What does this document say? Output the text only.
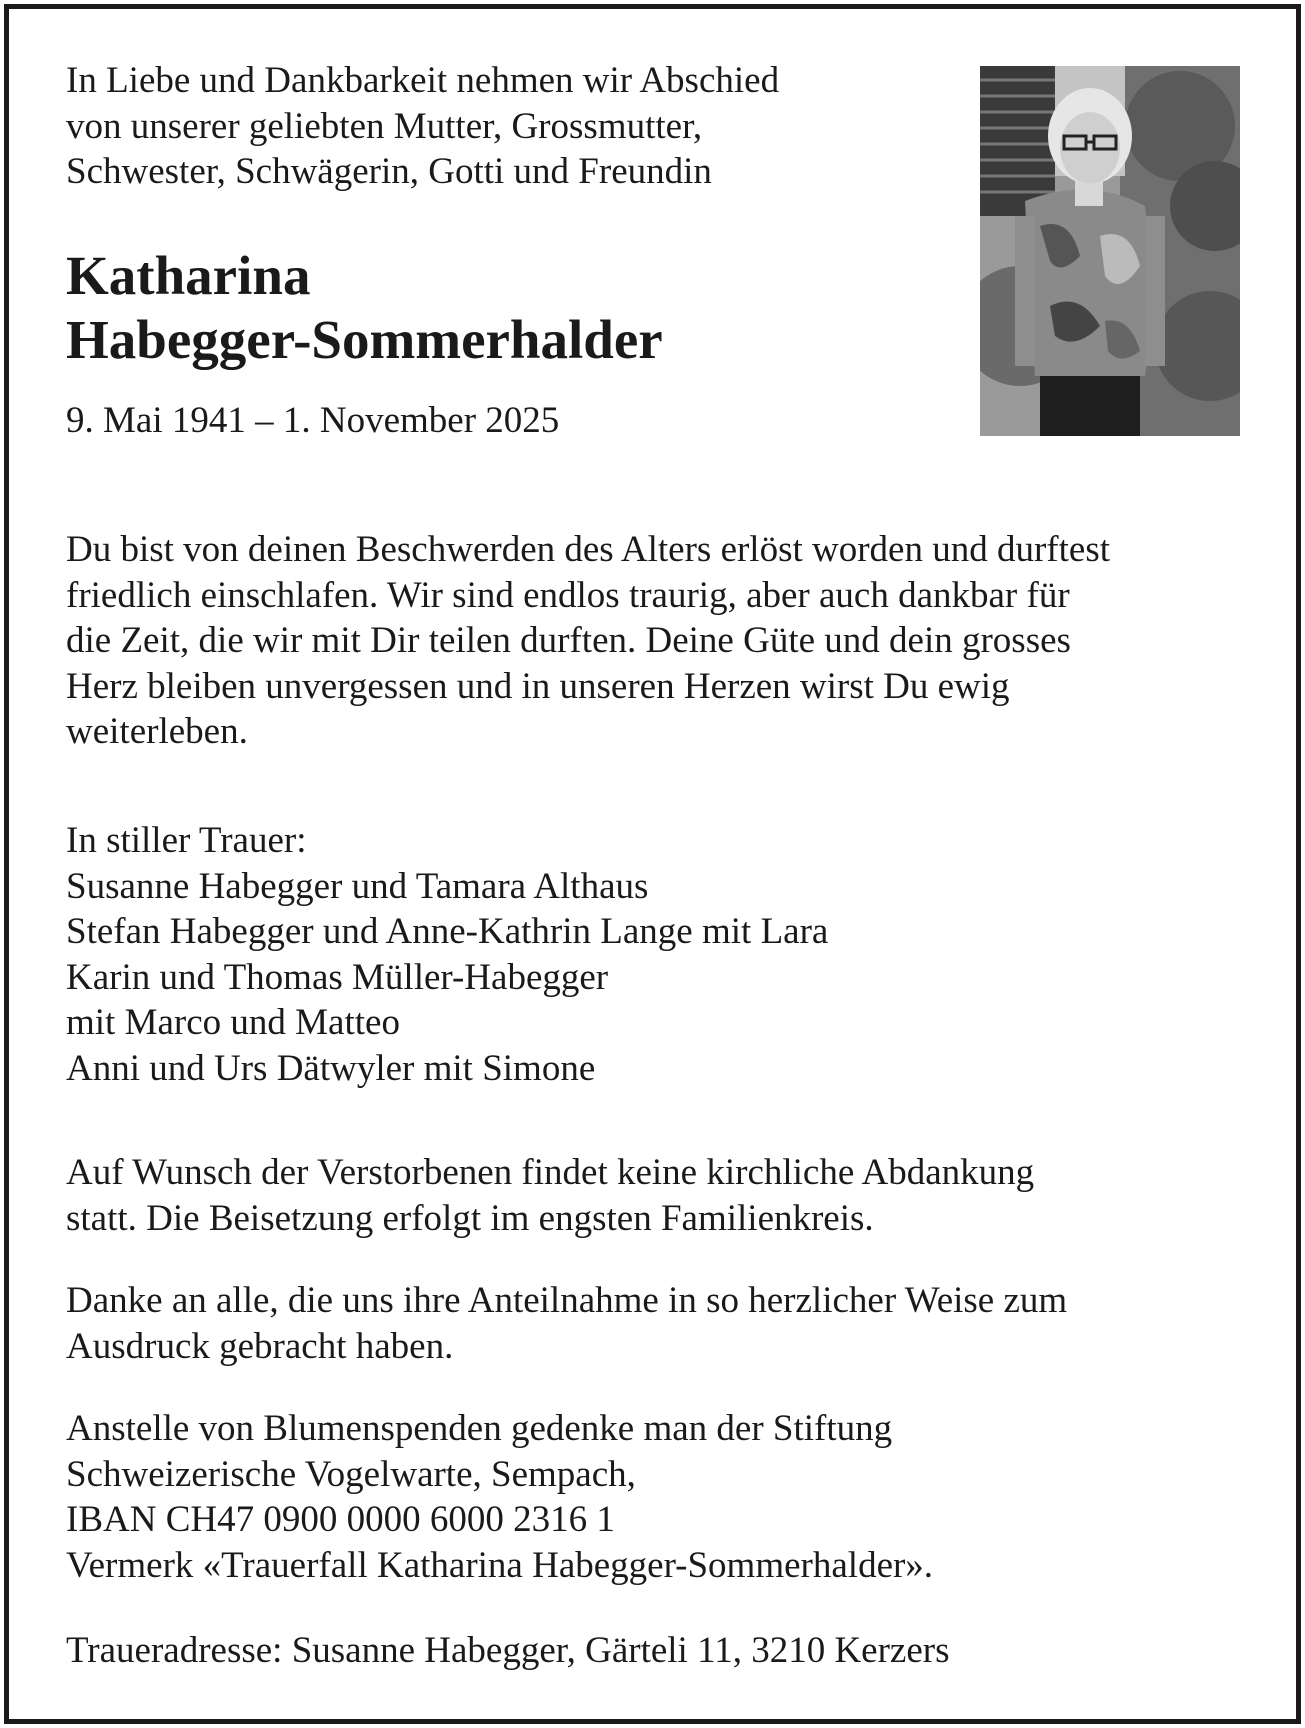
In Liebe und Dankbarkeit nehmen wir Abschied
von unserer geliebten Mutter, Grossmutter,
Schwester, Schwägerin, Gotti und Freundin
Katharina
Habegger-Sommerhalder
9. Mai 1941 – 1. November 2025
Du bist von deinen Beschwerden des Alters erlöst worden und durftest
friedlich einschlafen. Wir sind endlos traurig, aber auch dankbar für
die Zeit, die wir mit Dir teilen durften. Deine Güte und dein grosses
Herz bleiben unvergessen und in unseren Herzen wirst Du ewig
weiterleben.
In stiller Trauer:
Susanne Habegger und Tamara Althaus
Stefan Habegger und Anne-Kathrin Lange mit Lara
Karin und Thomas Müller-Habegger
mit Marco und Matteo
Anni und Urs Dätwyler mit Simone
Auf Wunsch der Verstorbenen findet keine kirchliche Abdankung
statt. Die Beisetzung erfolgt im engsten Familienkreis.
Danke an alle, die uns ihre Anteilnahme in so herzlicher Weise zum
Ausdruck gebracht haben.
Anstelle von Blumenspenden gedenke man der Stiftung
Schweizerische Vogelwarte, Sempach,
IBAN CH47 0900 0000 6000 2316 1
Vermerk «Trauerfall Katharina Habegger-Sommerhalder».
Traueradresse: Susanne Habegger, Gärteli 11, 3210 Kerzers
